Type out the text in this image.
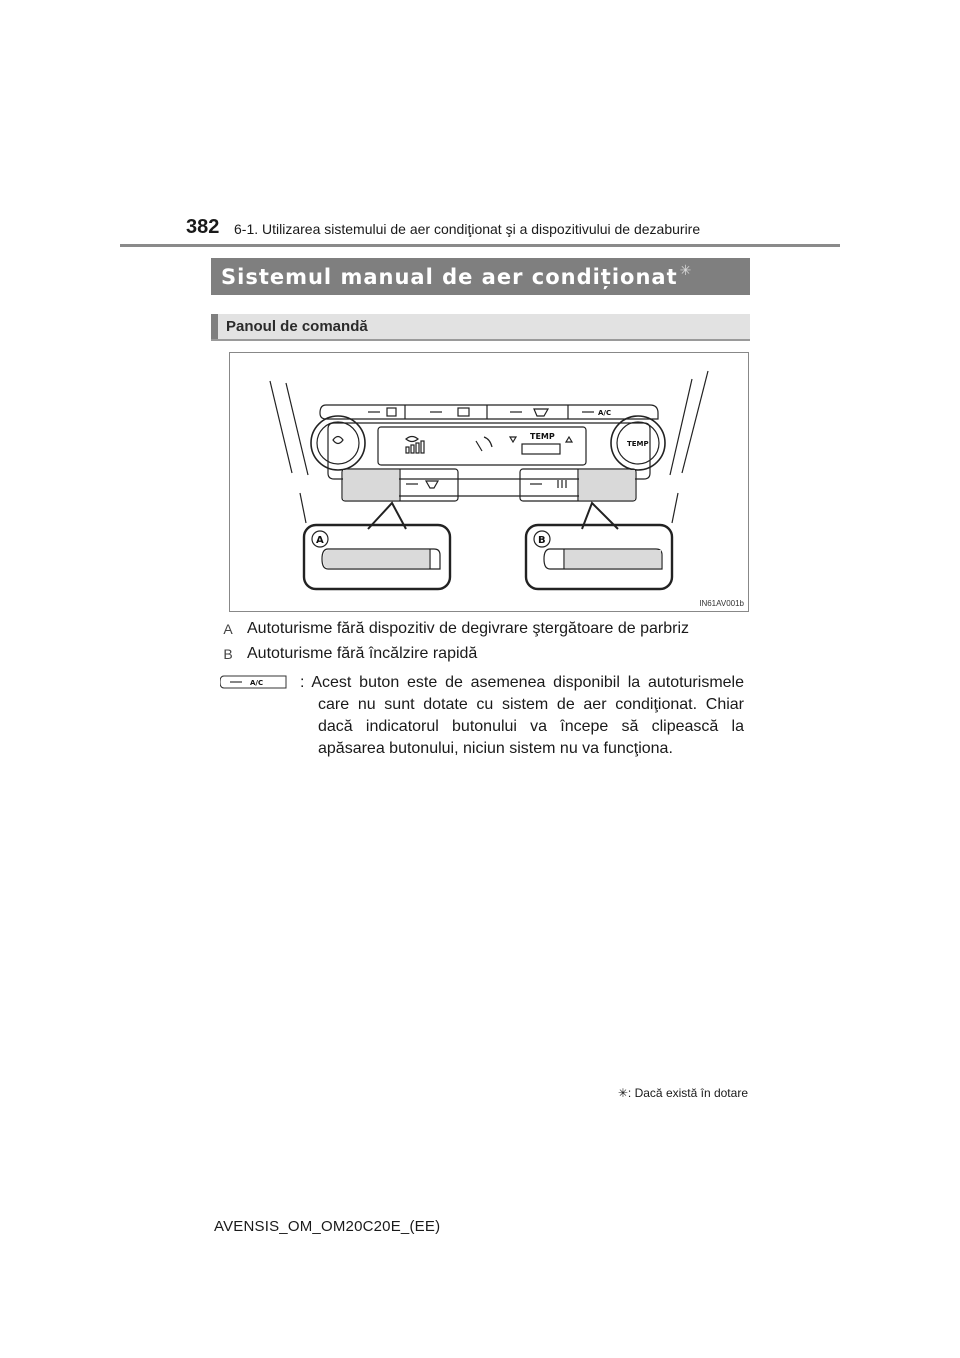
382 6-1. Utilizarea sistemului de aer condiţionat şi a dispozitivului de dezaburire
Sistemul manual de aer condiționat ✳
Panoul de comandă
A	B
TEMP
TEMP
A/C
IN61AV001b
A Autoturisme fără dispozitiv de degivrare ştergătoare de parbriz
B Autoturisme fără încălzire rapidă
A/C : Acest buton este de asemenea disponibil la autoturismele care nu sunt dotate cu sistem de aer condiţionat. Chiar dacă indicatorul butonului va începe să clipească la apăsarea butonului, niciun sistem nu va funcţiona.
✳: Dacă există în dotare
AVENSIS_OM_OM20C20E_(EE)
